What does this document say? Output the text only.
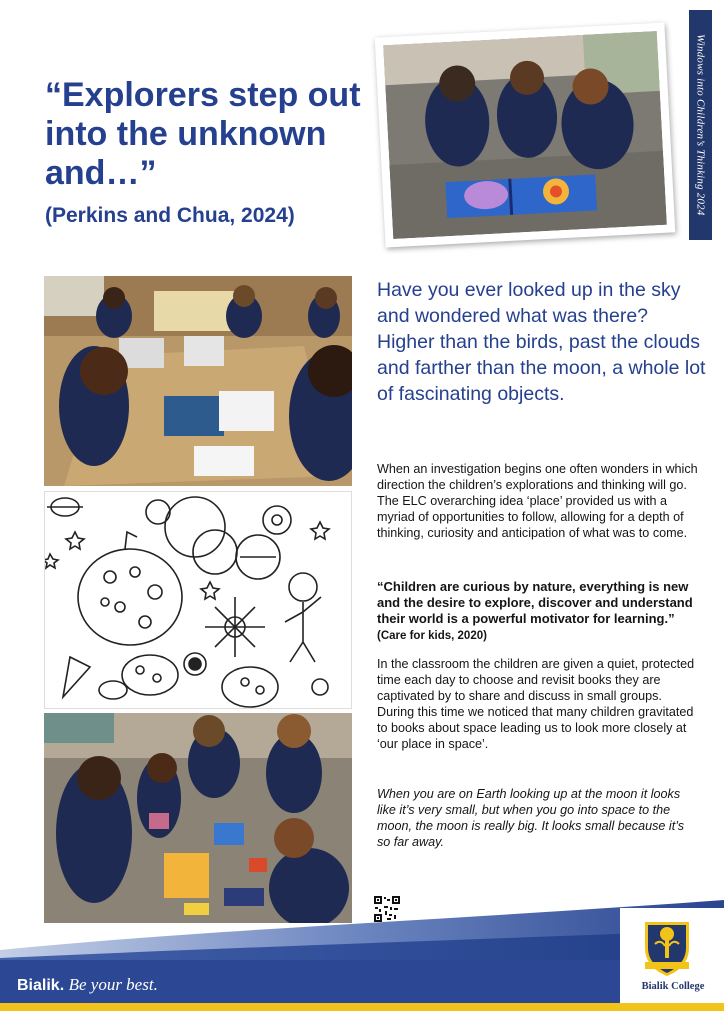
Windows into Children’s Thinking 2024
“Explorers step out into the unknown and…”
(Perkins and Chua, 2024)
Have you ever looked up in the sky and wondered what was there? Higher than the birds, past the clouds and farther than the moon, a whole lot of fascinating objects.

When an investigation begins one often wonders in which direction the children’s explorations and thinking will go. The ELC overarching idea ‘place’ provided us with a myriad of opportunities to follow, allowing for a depth of thinking, curiosity and anticipation of what was to come.

“Children are curious by nature, everything is new and the desire to explore, discover and understand their world is a powerful motivator for learning.” (Care for kids, 2020)

In the classroom the children are given a quiet, protected time each day to choose and revisit books they are captivated by to share and discuss in small groups. During this time we noticed that many children gravitated to books about space leading us to look more closely at ‘our place in space’.

When you are on Earth looking up at the moon it looks like it’s very small, but when you go into space to the moon, the moon is really big. It looks small because it’s so far away.

Bialik. Be your best.	Bialik College
